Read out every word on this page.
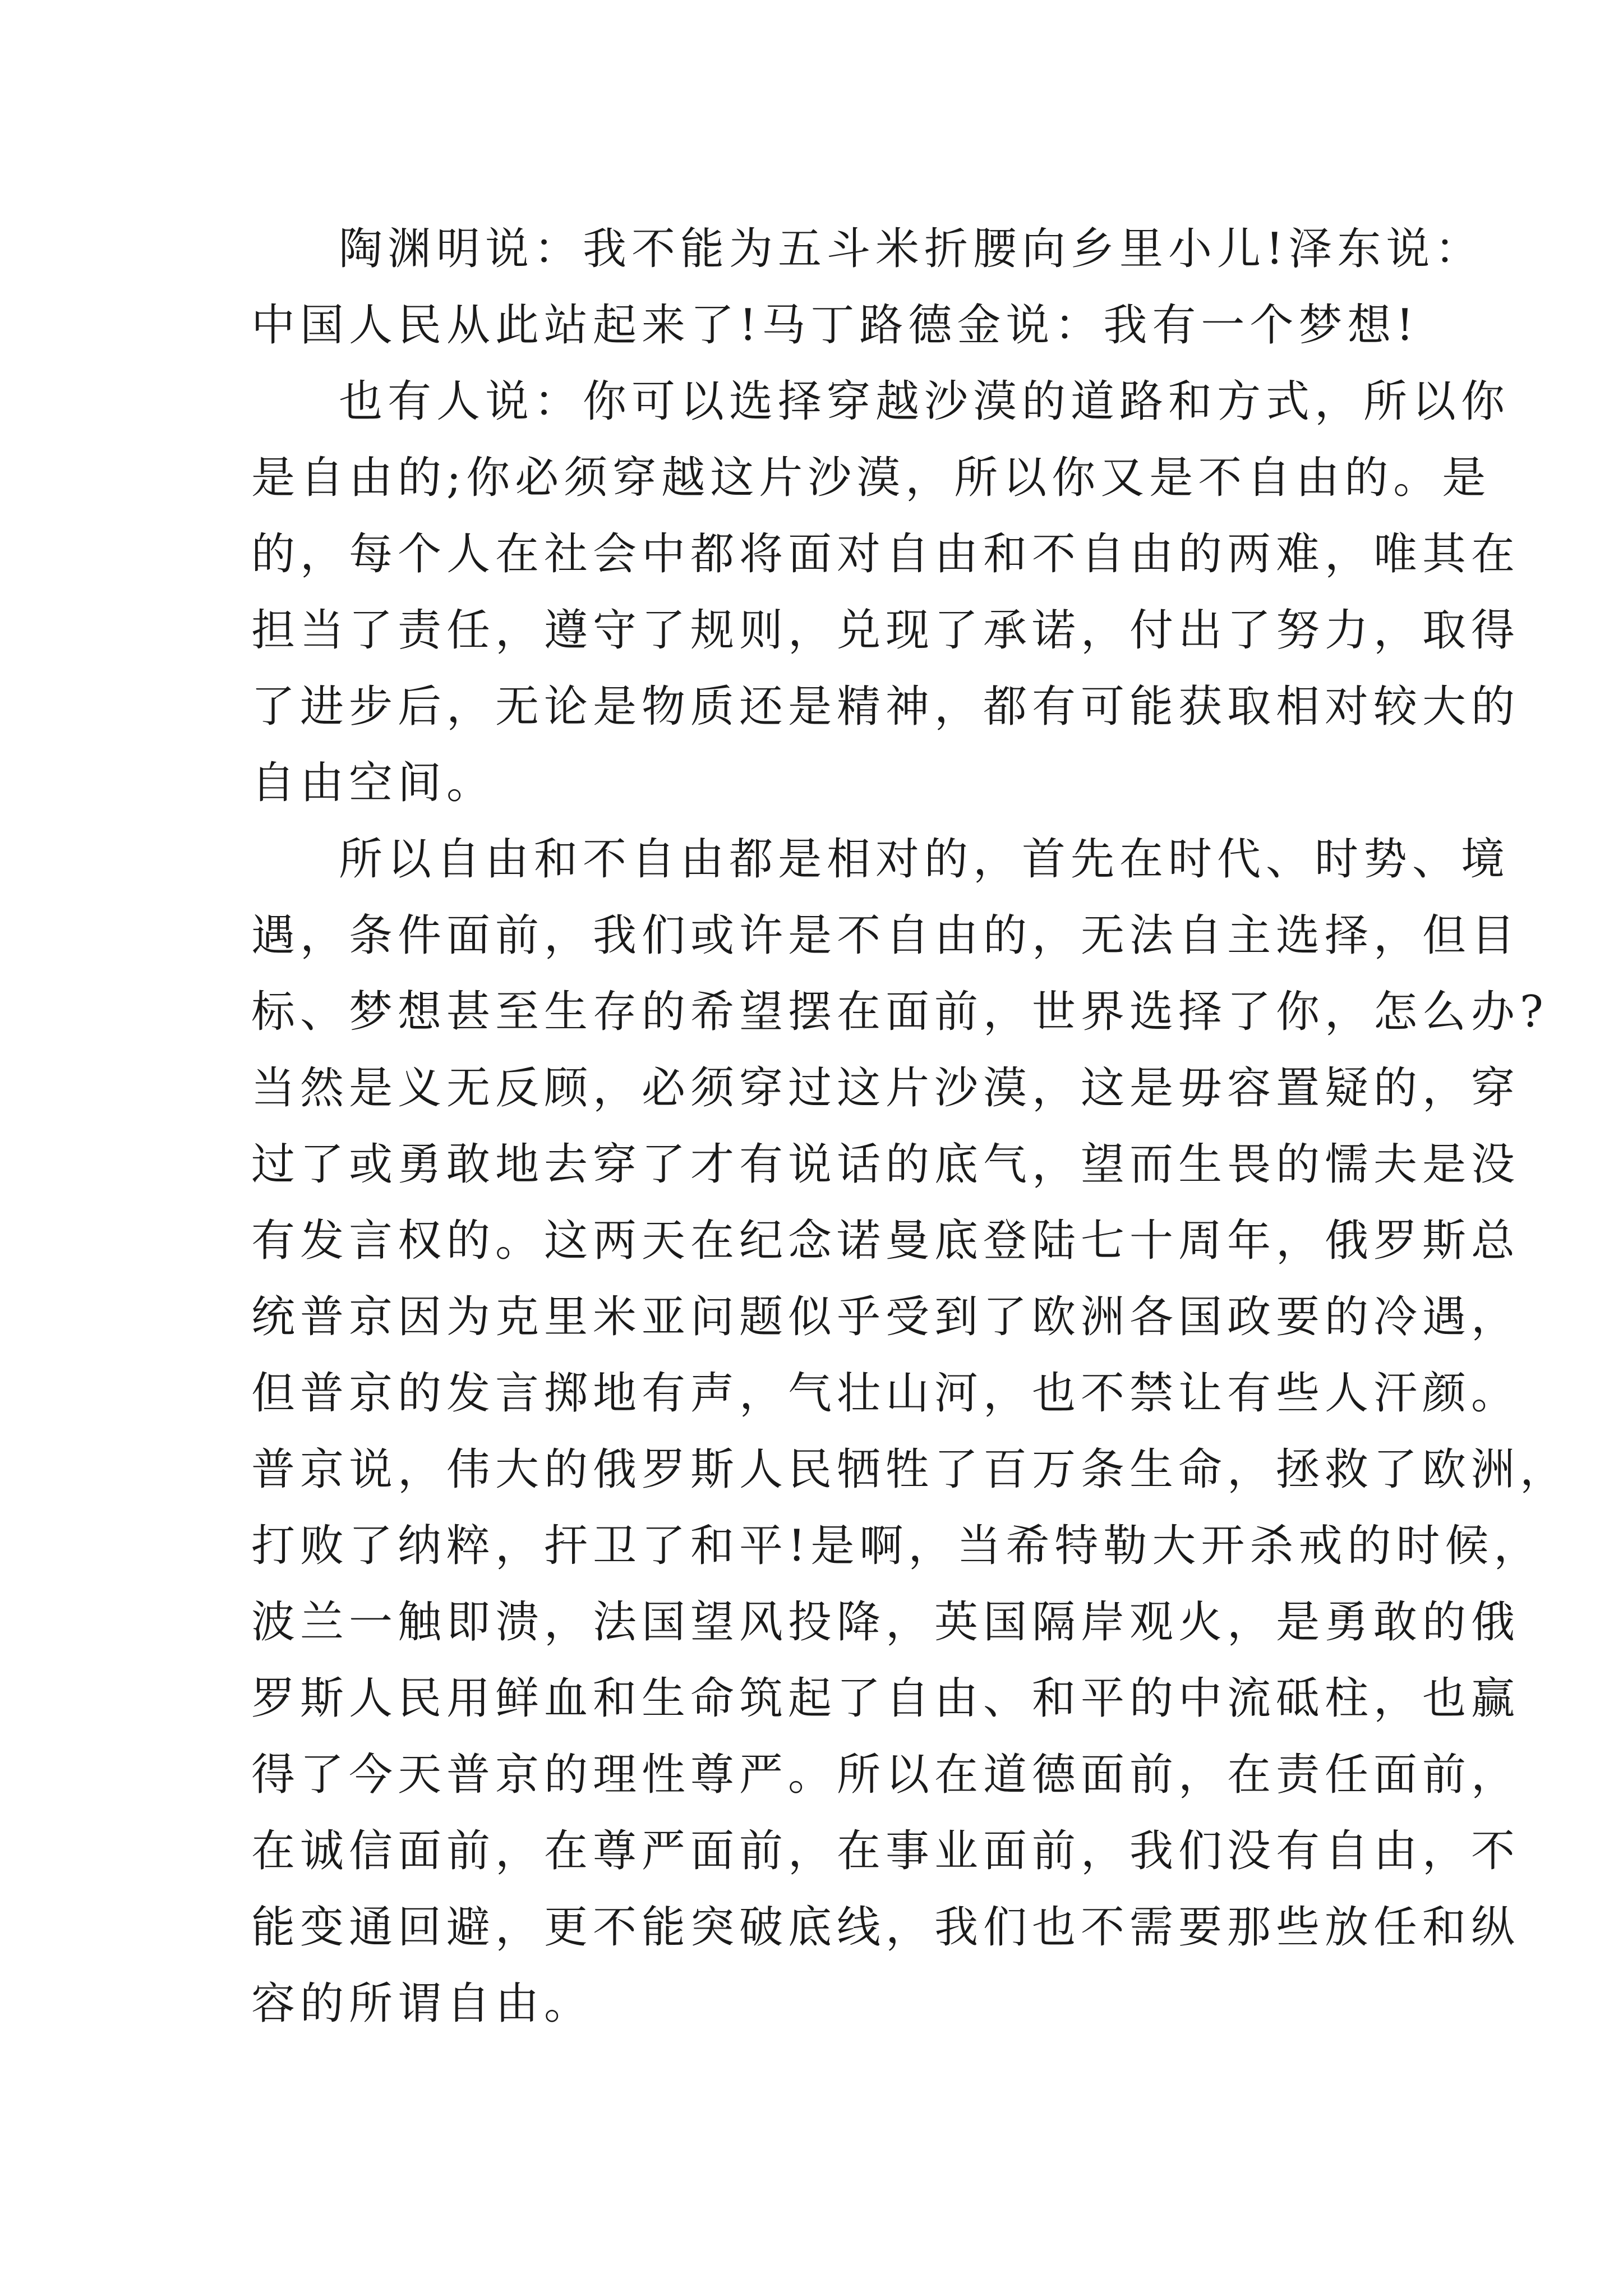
陶渊明说：我不能为五斗米折腰向乡里小儿!泽东说：
中国人民从此站起来了!马丁路德金说：我有一个梦想!
也有人说：你可以选择穿越沙漠的道路和方式，所以你
是自由的;你必须穿越这片沙漠，所以你又是不自由的。是
的，每个人在社会中都将面对自由和不自由的两难，唯其在
担当了责任，遵守了规则，兑现了承诺，付出了努力，取得
了进步后，无论是物质还是精神，都有可能获取相对较大的
自由空间。
所以自由和不自由都是相对的，首先在时代、时势、境
遇，条件面前，我们或许是不自由的，无法自主选择，但目
标、梦想甚至生存的希望摆在面前，世界选择了你，怎么办?
当然是义无反顾，必须穿过这片沙漠，这是毋容置疑的，穿
过了或勇敢地去穿了才有说话的底气，望而生畏的懦夫是没
有发言权的。这两天在纪念诺曼底登陆七十周年，俄罗斯总
统普京因为克里米亚问题似乎受到了欧洲各国政要的冷遇，
但普京的发言掷地有声，气壮山河，也不禁让有些人汗颜。
普京说，伟大的俄罗斯人民牺牲了百万条生命，拯救了欧洲，
打败了纳粹，扞卫了和平!是啊，当希特勒大开杀戒的时候，
波兰一触即溃，法国望风投降，英国隔岸观火，是勇敢的俄
罗斯人民用鲜血和生命筑起了自由、和平的中流砥柱，也赢
得了今天普京的理性尊严。所以在道德面前，在责任面前，
在诚信面前，在尊严面前，在事业面前，我们没有自由，不
能变通回避，更不能突破底线，我们也不需要那些放任和纵
容的所谓自由。
